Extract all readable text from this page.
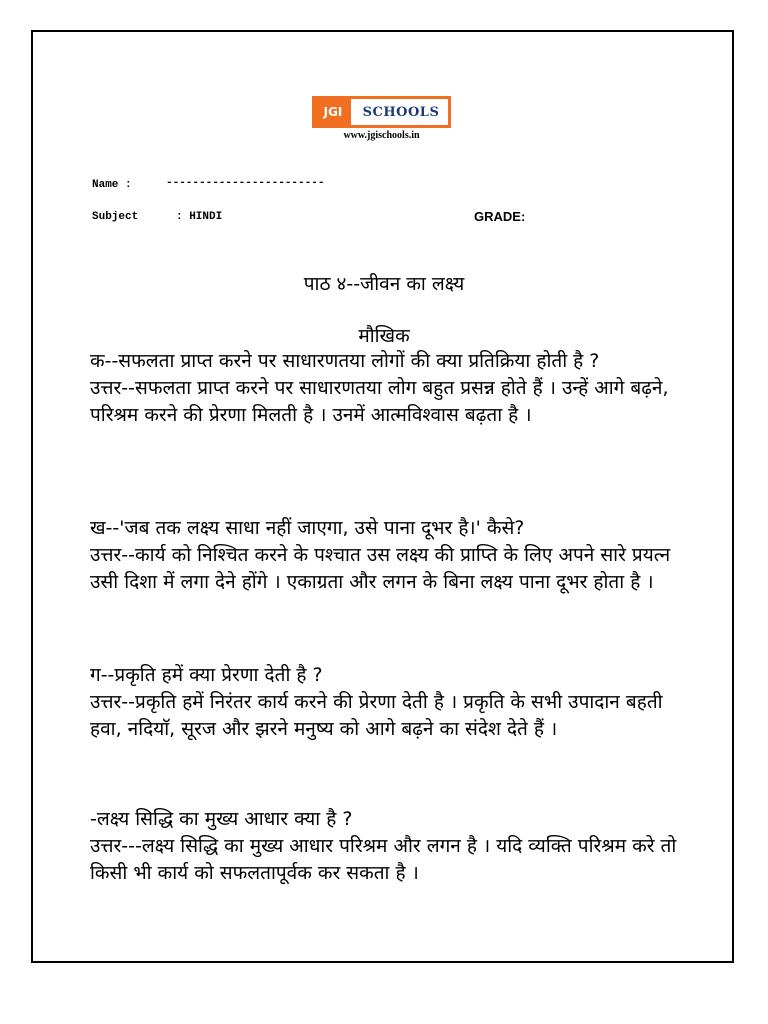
JGI	SCHOOLS
www.jgischools.in
Name :	------------------------
Subject	: HINDI	GRADE:
पाठ ४--जीवन का लक्ष्य
मौखिक

क--सफलता प्राप्त करने पर साधारणतया लोगों की क्या प्रतिक्रिया होती है ?

उत्तर--सफलता प्राप्त करने पर साधारणतया लोग बहुत प्रसन्न होते हैं । उन्हें आगे बढ़ने, परिश्रम करने की प्रेरणा मिलती है । उनमें आत्मविश्वास बढ़ता है ।

ख--'जब तक लक्ष्य साधा नहीं जाएगा, उसे पाना दूभर है।' कैसे?

उत्तर--कार्य को निश्चित करने के पश्चात उस लक्ष्य की प्राप्ति के लिए अपने सारे प्रयत्न उसी दिशा में लगा देने होंगे । एकाग्रता और लगन के बिना लक्ष्य पाना दूभर होता है ।

ग--प्रकृति हमें क्या प्रेरणा देती है ?

उत्तर--प्रकृति हमें निरंतर कार्य करने की प्रेरणा देती है । प्रकृति के सभी उपादान बहती हवा, नदियाॅ, सूरज और झरने मनुष्य को आगे बढ़ने का संदेश देते हैं ।

-लक्ष्य सिद्धि का मुख्य आधार क्या है ?

उत्तर---लक्ष्य सिद्धि का मुख्य आधार परिश्रम और लगन है । यदि व्यक्ति परिश्रम करे तो किसी भी कार्य को सफलतापूर्वक कर सकता है ।
